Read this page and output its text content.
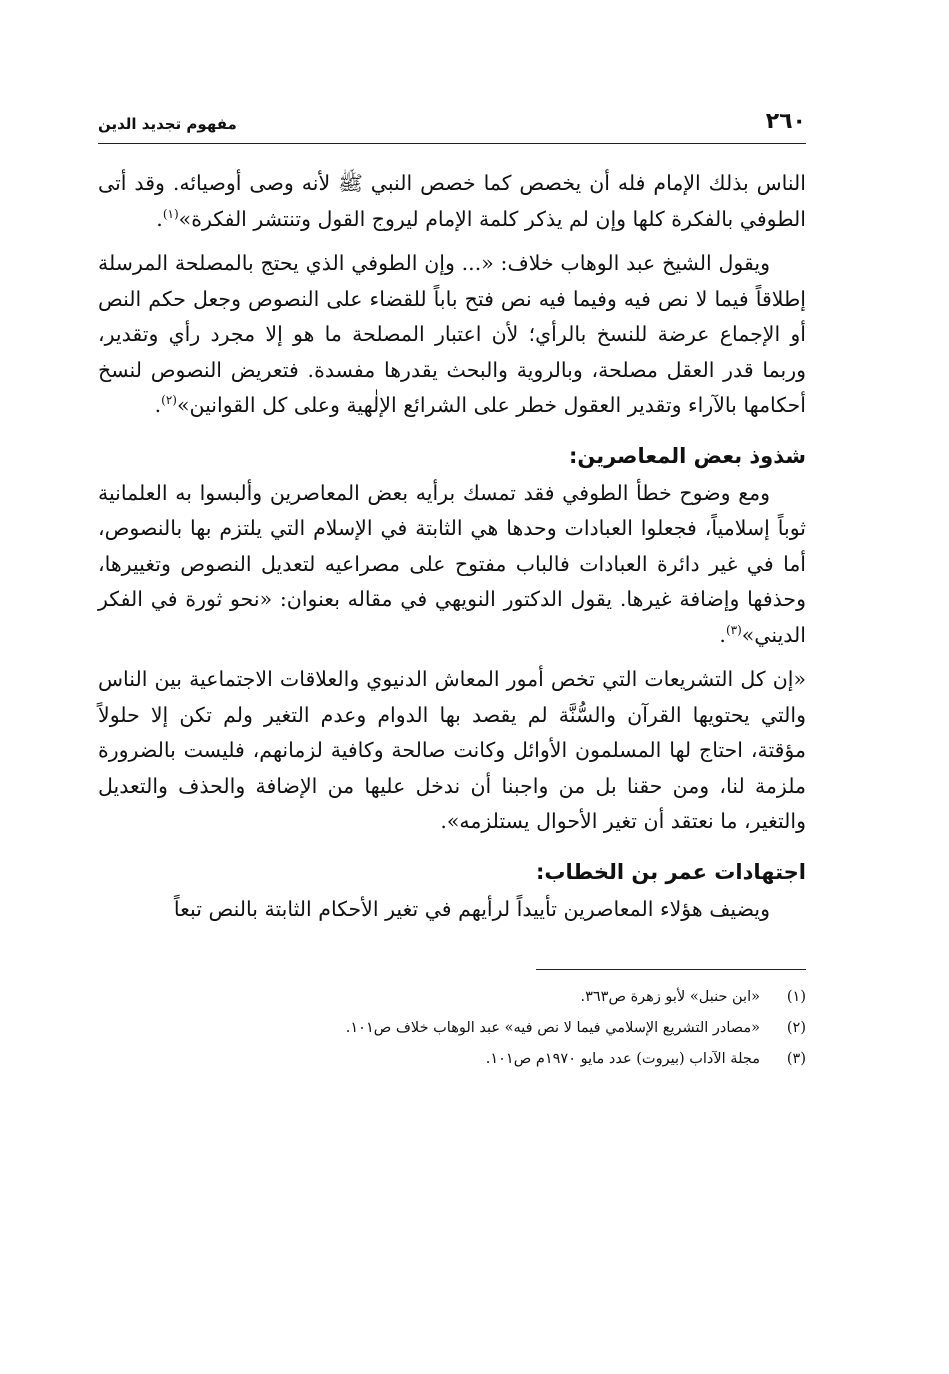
٢٦٠
مفهوم تجديد الدين

الناس بذلك الإمام فله أن يخصص كما خصص النبي ﷺ لأنه وصى أوصيائه. وقد أتى الطوفي بالفكرة كلها وإن لم يذكر كلمة الإمام ليروج القول وتنتشر الفكرة»$^{(١)}$.

ويقول الشيخ عبد الوهاب خلاف: «... وإن الطوفي الذي يحتج بالمصلحة المرسلة إطلاقاً فيما لا نص فيه وفيما فيه نص فتح باباً للقضاء على النصوص وجعل حكم النص أو الإجماع عرضة للنسخ بالرأي؛ لأن اعتبار المصلحة ما هو إلا مجرد رأي وتقدير، وربما قدر العقل مصلحة، وبالروية والبحث يقدرها مفسدة. فتعريض النصوص لنسخ أحكامها بالآراء وتقدير العقول خطر على الشرائع الإلٰهية وعلى كل القوانين»$^{(٢)}$.

شذوذ بعض المعاصرين:

ومع وضوح خطأ الطوفي فقد تمسك برأيه بعض المعاصرين وألبسوا به العلمانية ثوباً إسلامياً، فجعلوا العبادات وحدها هي الثابتة في الإسلام التي يلتزم بها بالنصوص، أما في غير دائرة العبادات فالباب مفتوح على مصراعيه لتعديل النصوص وتغييرها، وحذفها وإضافة غيرها. يقول الدكتور النويهي في مقاله بعنوان: «نحو ثورة في الفكر الديني»$^{(٣)}$.

«إن كل التشريعات التي تخص أمور المعاش الدنيوي والعلاقات الاجتماعية بين الناس والتي يحتويها القرآن والسُّنَّة لم يقصد بها الدوام وعدم التغير ولم تكن إلا حلولاً مؤقتة، احتاج لها المسلمون الأوائل وكانت صالحة وكافية لزمانهم، فليست بالضرورة ملزمة لنا، ومن حقنا بل من واجبنا أن ندخل عليها من الإضافة والحذف والتعديل والتغير، ما نعتقد أن تغير الأحوال يستلزمه».

اجتهادات عمر بن الخطاب:

ويضيف هؤلاء المعاصرين تأييداً لرأيهم في تغير الأحكام الثابتة بالنص تبعاً

(١)
«ابن حنبل» لأبو زهرة ص٣٦٣.
(٢)
«مصادر التشريع الإسلامي فيما لا نص فيه» عبد الوهاب خلاف ص١٠١.
(٣)
مجلة الآداب (بيروت) عدد مايو ١٩٧٠م ص١٠١.
